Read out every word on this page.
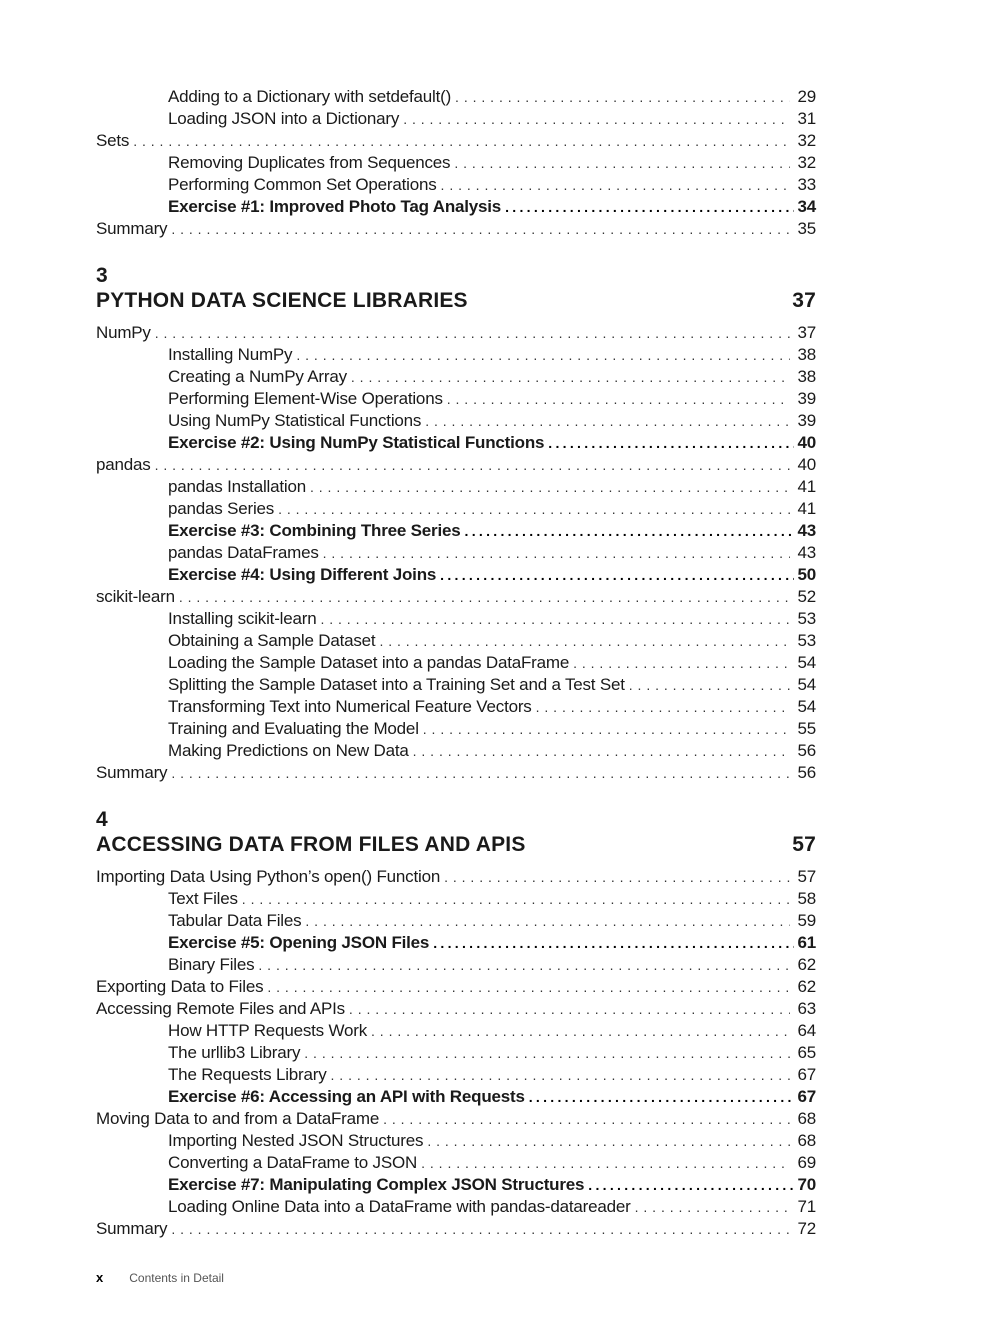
Adding to a Dictionary with setdefault() . . .	29
Loading JSON into a Dictionary . . .	31
Sets . . .	32
Removing Duplicates from Sequences . . .	32
Performing Common Set Operations . . .	33
Exercise #1: Improved Photo Tag Analysis .....	34
Summary . . .	35
3
PYTHON DATA SCIENCE LIBRARIES	37
NumPy . . .	37
Installing NumPy . . .	38
Creating a NumPy Array . . .	38
Performing Element-Wise Operations . . .	39
Using NumPy Statistical Functions . . .	39
Exercise #2: Using NumPy Statistical Functions .....	40
pandas . . .	40
pandas Installation . . .	41
pandas Series . . .	41
Exercise #3: Combining Three Series .....	43
pandas DataFrames . . .	43
Exercise #4: Using Different Joins .....	50
scikit-learn . . .	52
Installing scikit-learn . . .	53
Obtaining a Sample Dataset . . .	53
Loading the Sample Dataset into a pandas DataFrame . . .	54
Splitting the Sample Dataset into a Training Set and a Test Set . . .	54
Transforming Text into Numerical Feature Vectors . . .	54
Training and Evaluating the Model . . .	55
Making Predictions on New Data . . .	56
Summary . . .	56
4
ACCESSING DATA FROM FILES AND APIS	57
Importing Data Using Python’s open() Function . . .	57
Text Files . . .	58
Tabular Data Files . . .	59
Exercise #5: Opening JSON Files .....	61
Binary Files . . .	62
Exporting Data to Files . . .	62
Accessing Remote Files and APIs . . .	63
How HTTP Requests Work . . .	64
The urllib3 Library . . .	65
The Requests Library . . .	67
Exercise #6: Accessing an API with Requests .....	67
Moving Data to and from a DataFrame . . .	68
Importing Nested JSON Structures . . .	68
Converting a DataFrame to JSON . . .	69
Exercise #7: Manipulating Complex JSON Structures .....	70
Loading Online Data into a DataFrame with pandas-datareader . . .	71
Summary . . .	72
x Contents in Detail
